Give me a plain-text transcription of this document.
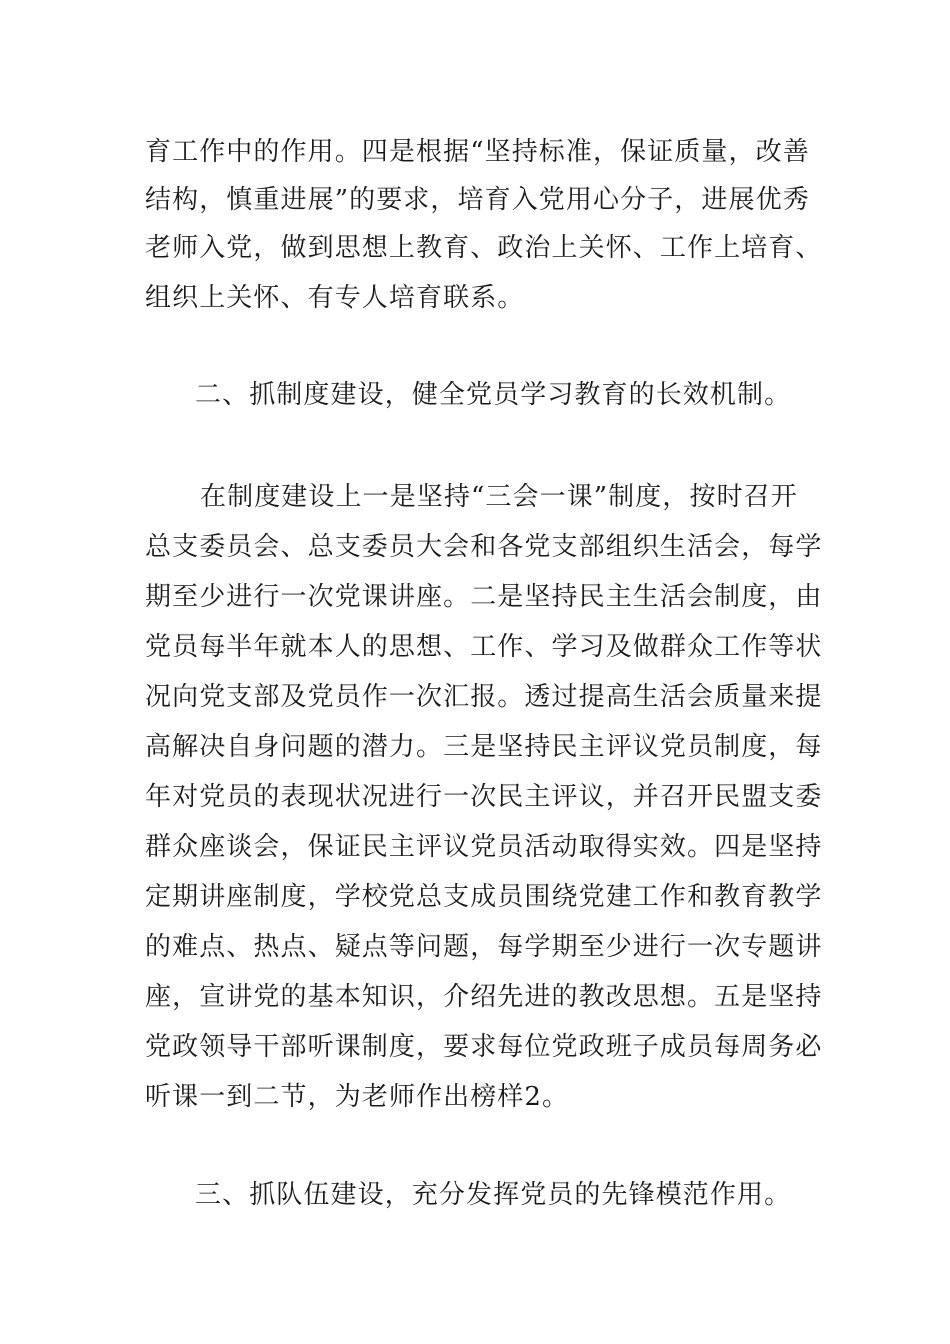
育工作中的作用。四是根据“坚持标准，保证质量，改善
结构，慎重进展”的要求，培育入党用心分子，进展优秀
老师入党，做到思想上教育、政治上关怀、工作上培育、
组织上关怀、有专人培育联系。
二、抓制度建设，健全党员学习教育的长效机制。
在制度建设上一是坚持“三会一课”制度，按时召开
总支委员会、总支委员大会和各党支部组织生活会，每学
期至少进行一次党课讲座。二是坚持民主生活会制度，由
党员每半年就本人的思想、工作、学习及做群众工作等状
况向党支部及党员作一次汇报。透过提高生活会质量来提
高解决自身问题的潜力。三是坚持民主评议党员制度，每
年对党员的表现状况进行一次民主评议，并召开民盟支委
群众座谈会，保证民主评议党员活动取得实效。四是坚持
定期讲座制度，学校党总支成员围绕党建工作和教育教学
的难点、热点、疑点等问题，每学期至少进行一次专题讲
座，宣讲党的基本知识，介绍先进的教改思想。五是坚持
党政领导干部听课制度，要求每位党政班子成员每周务必
听课一到二节，为老师作出榜样2。
三、抓队伍建设，充分发挥党员的先锋模范作用。
